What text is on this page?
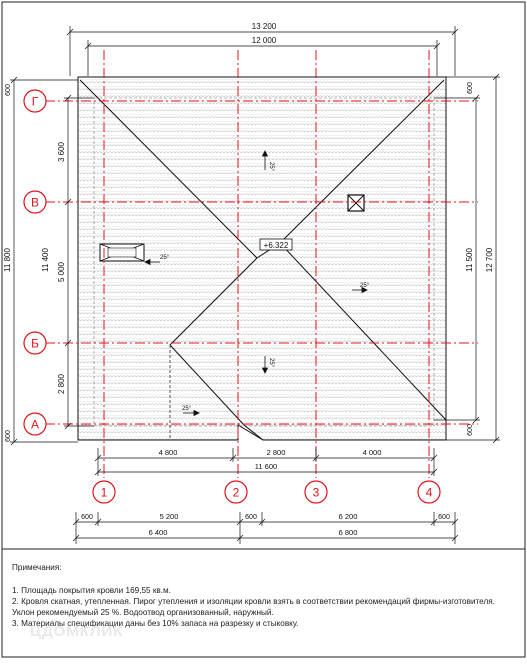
Г
В
Б
А
1	2	3	4
+6.322
25°
25°
25°
25°
25°
13 200
12 000
11 800	11 400
3 600
5 000
2 800
600
600
12 700
11 500
600
600
4 800	2 800	4 000
11 600
600	5 200	600	6 200	600
6 400	6 800
Примечания:
1. Площадь покрытия кровли 169,55 кв.м.
2. Кровля скатная, утепленная. Пирог утепления и изоляции кровли взять в соответствии рекомендаций фирмы-изготовителя.
Уклон рекомендуемый 25 %. Водоотвод организованный, наружный.
3. Материалы спецификации даны без 10% запаса на разрезку и стыковку.
ЦДОМКЛИК
